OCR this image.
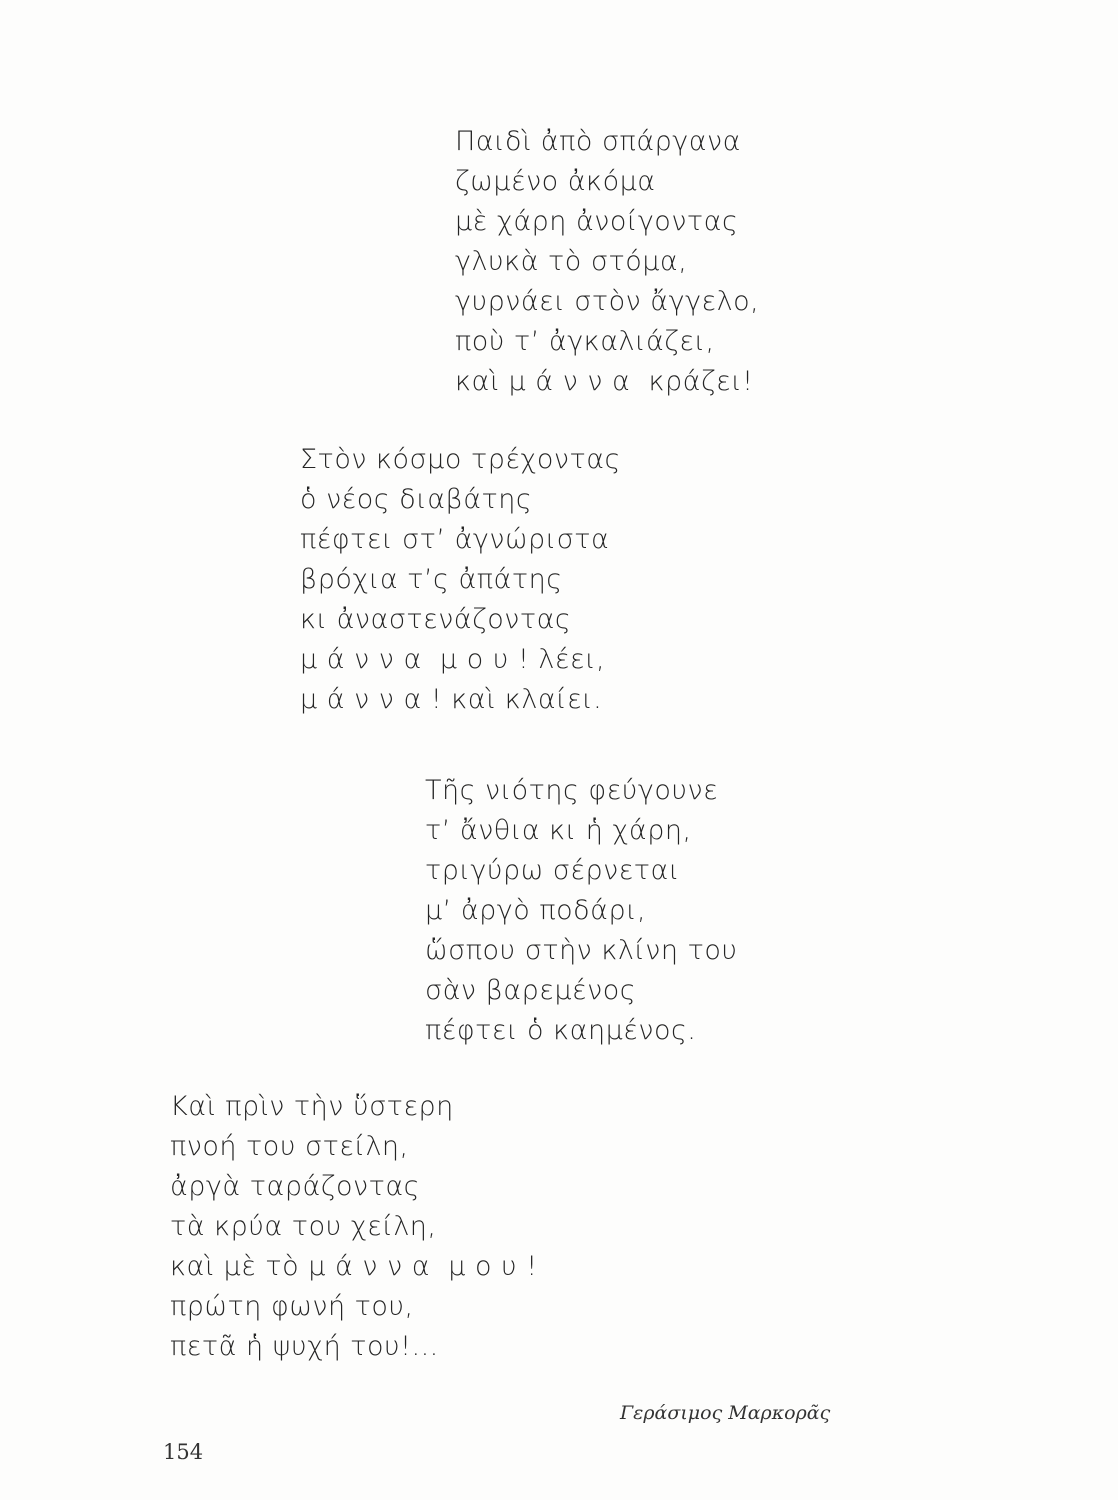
Παιδὶ ἀπὸ σπάργανα
ζωμένο ἀκόμα
μὲ χάρη ἀνοίγοντας
γλυκὰ τὸ στόμα,
γυρνάει στὸν ἄγγελο,
ποὺ τ’ ἀγκαλιάζει,
καὶ μ ά ν ν α  κράζει!
Στὸν κόσμο τρέχοντας
ὁ νέος διαβάτης
πέφτει στ’ ἀγνώριστα
βρόχια τ’ς ἀπάτης
κι ἀναστενάζοντας
μ ά ν ν α  μ ο υ ! λέει,
μ ά ν ν α ! καὶ κλαίει.
Τῆς νιότης φεύγουνε
τ’ ἄνθια κι ἡ χάρη,
τριγύρω σέρνεται
μ’ ἀργὸ ποδάρι,
ὥσπου στὴν κλίνη του
σὰν βαρεμένος
πέφτει ὁ καημένος.
Καὶ πρὶν τὴν ὕστερη
πνοή του στείλη,
ἀργὰ ταράζοντας
τὰ κρύα του χείλη,
καὶ μὲ τὸ μ ά ν ν α  μ ο υ !
πρώτη φωνή του,
πετᾶ ἡ ψυχή του!...
Γεράσιμος Μαρκορᾶς
154
